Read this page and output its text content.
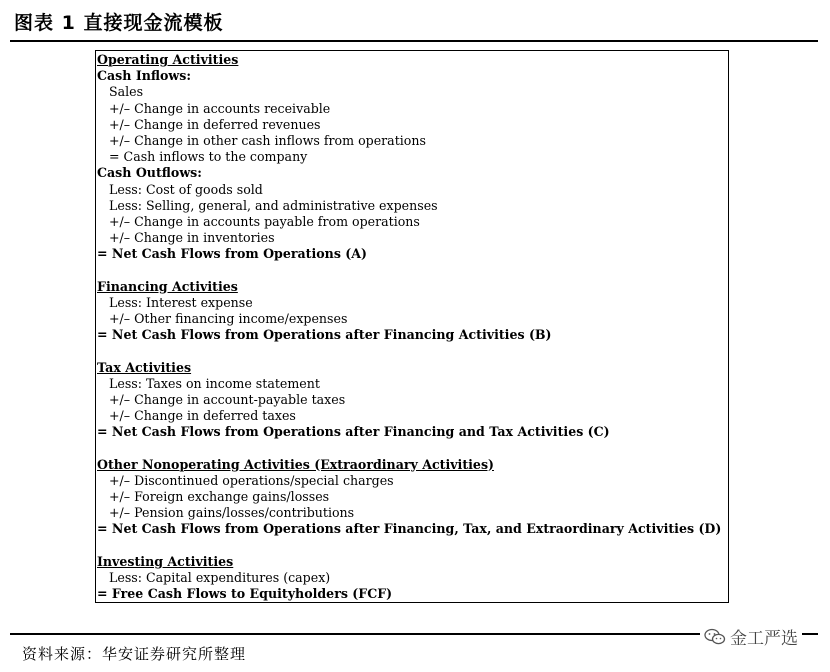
图表 1 直接现金流模板
Operating Activities
Cash Inflows:
Sales
+/– Change in accounts receivable
+/– Change in deferred revenues
+/– Change in other cash inflows from operations
= Cash inflows to the company
Cash Outflows:
Less: Cost of goods sold
Less: Selling, general, and administrative expenses
+/– Change in accounts payable from operations
+/– Change in inventories
= Net Cash Flows from Operations (A)
Financing Activities
Less: Interest expense
+/– Other financing income/expenses
= Net Cash Flows from Operations after Financing Activities (B)
Tax Activities
Less: Taxes on income statement
+/– Change in account-payable taxes
+/– Change in deferred taxes
= Net Cash Flows from Operations after Financing and Tax Activities (C)
Other Nonoperating Activities (Extraordinary Activities)
+/– Discontinued operations/special charges
+/– Foreign exchange gains/losses
+/– Pension gains/losses/contributions
= Net Cash Flows from Operations after Financing, Tax, and Extraordinary Activities (D)
Investing Activities
Less: Capital expenditures (capex)
= Free Cash Flows to Equityholders (FCF)
资料来源：华安证券研究所整理
金工严选
